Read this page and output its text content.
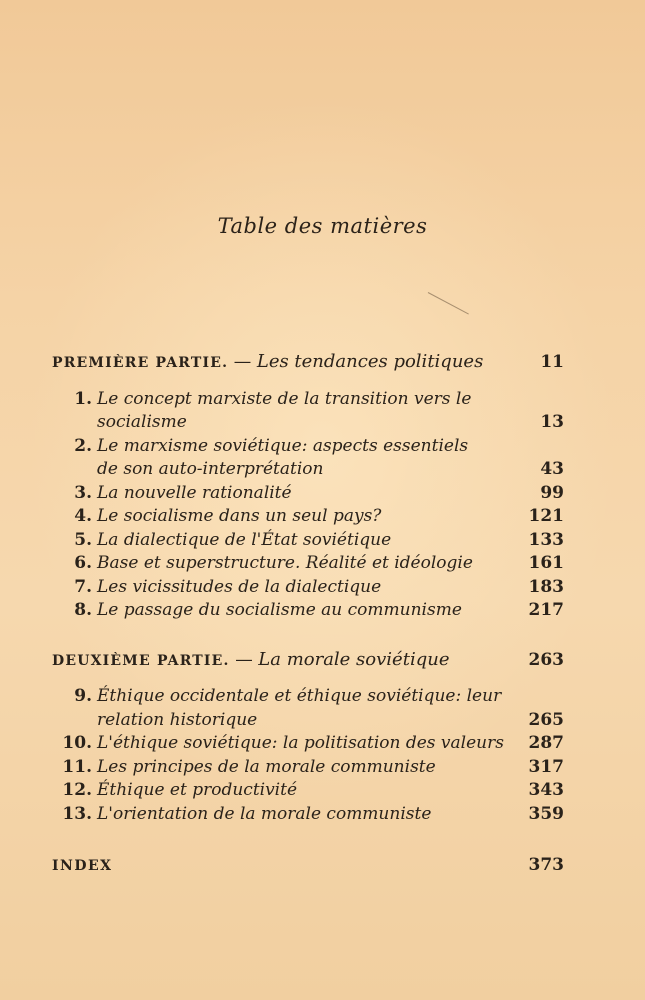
Table des matières
PREMIÈRE PARTIE. — Les tendances politiques	11
1. Le concept marxiste de la transition vers le
socialisme	13
2. Le marxisme soviétique: aspects essentiels
de son auto-interprétation	43
3. La nouvelle rationalité	99
4. Le socialisme dans un seul pays?	121
5. La dialectique de l'État soviétique	133
6. Base et superstructure. Réalité et idéologie	161
7. Les vicissitudes de la dialectique	183
8. Le passage du socialisme au communisme	217
DEUXIÈME PARTIE. — La morale soviétique	263
9. Éthique occidentale et éthique soviétique: leur
relation historique	265
10. L'éthique soviétique: la politisation des valeurs 287
11. Les principes de la morale communiste	317
12. Éthique et productivité	343
13. L'orientation de la morale communiste	359
INDEX	373
